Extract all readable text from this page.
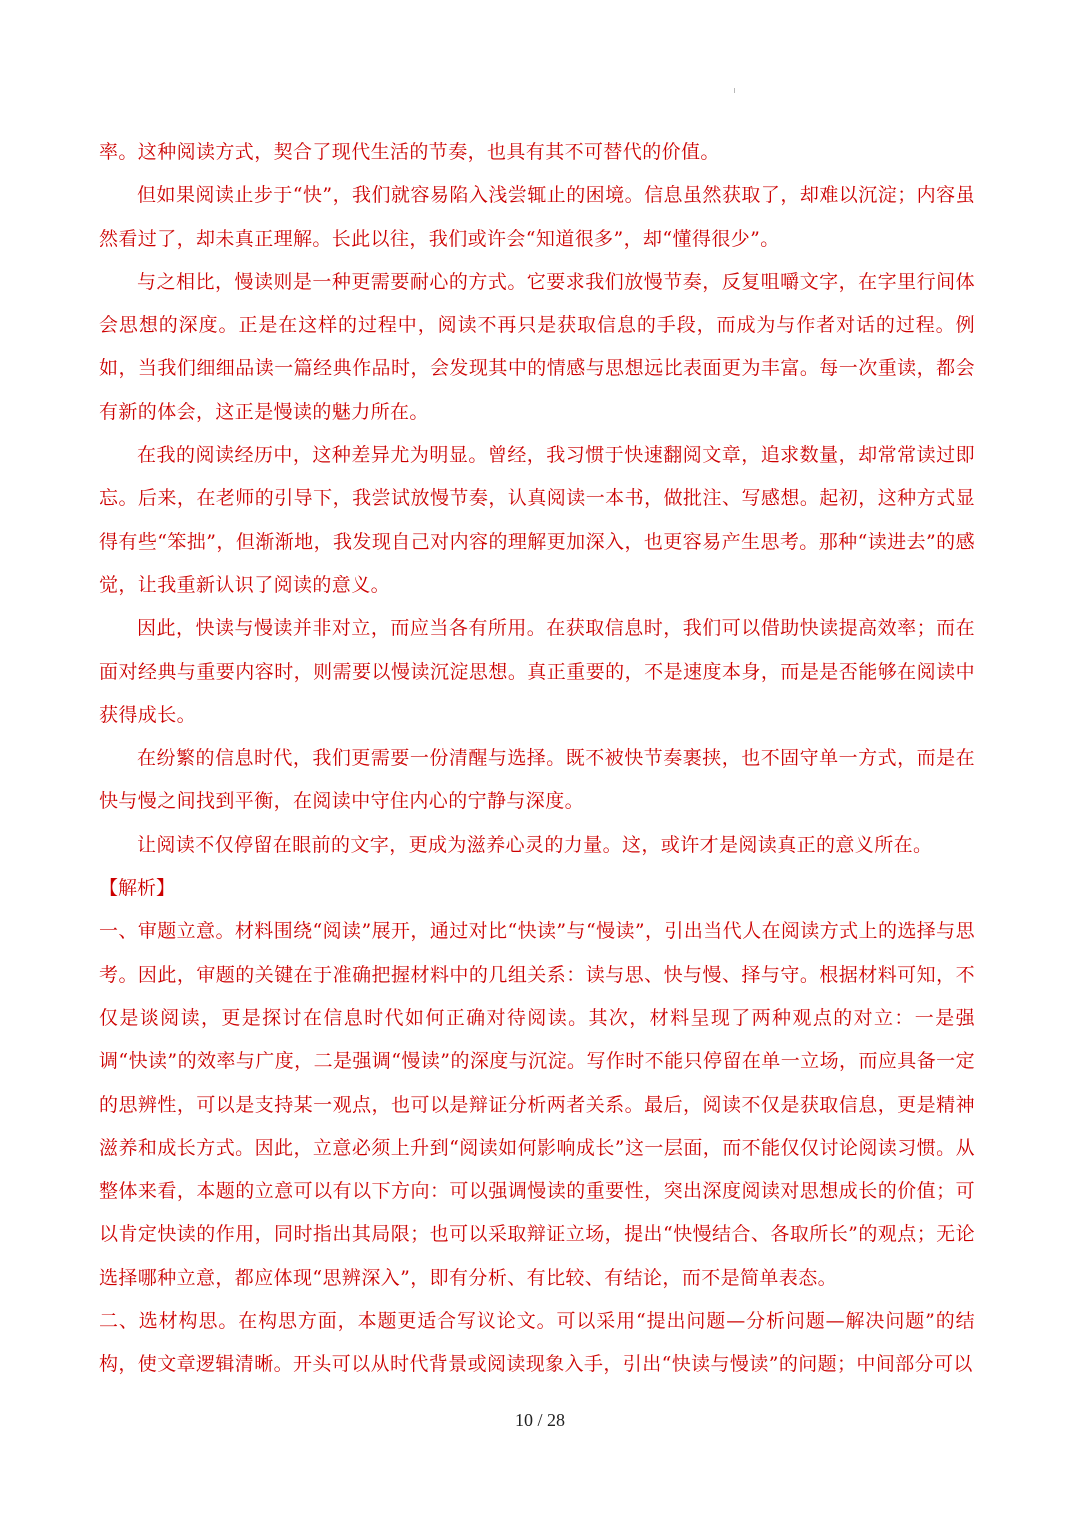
率。这种阅读方式，契合了现代生活的节奏，也具有其不可替代的价值。

但如果阅读止步于“快”，我们就容易陷入浅尝辄止的困境。信息虽然获取了，却难以沉淀；内容虽然看过了，却未真正理解。长此以往，我们或许会“知道很多”，却“懂得很少”。

与之相比，慢读则是一种更需要耐心的方式。它要求我们放慢节奏，反复咀嚼文字，在字里行间体会思想的深度。正是在这样的过程中，阅读不再只是获取信息的手段，而成为与作者对话的过程。例如，当我们细细品读一篇经典作品时，会发现其中的情感与思想远比表面更为丰富。每一次重读，都会有新的体会，这正是慢读的魅力所在。

在我的阅读经历中，这种差异尤为明显。曾经，我习惯于快速翻阅文章，追求数量，却常常读过即忘。后来，在老师的引导下，我尝试放慢节奏，认真阅读一本书，做批注、写感想。起初，这种方式显得有些“笨拙”，但渐渐地，我发现自己对内容的理解更加深入，也更容易产生思考。那种“读进去”的感觉，让我重新认识了阅读的意义。

因此，快读与慢读并非对立，而应当各有所用。在获取信息时，我们可以借助快读提高效率；而在面对经典与重要内容时，则需要以慢读沉淀思想。真正重要的，不是速度本身，而是是否能够在阅读中获得成长。

在纷繁的信息时代，我们更需要一份清醒与选择。既不被快节奏裹挟，也不固守单一方式，而是在快与慢之间找到平衡，在阅读中守住内心的宁静与深度。

让阅读不仅停留在眼前的文字，更成为滋养心灵的力量。这，或许才是阅读真正的意义所在。

【解析】

一、审题立意。材料围绕“阅读”展开，通过对比“快读”与“慢读”，引出当代人在阅读方式上的选择与思考。因此，审题的关键在于准确把握材料中的几组关系：读与思、快与慢、择与守。根据材料可知，不仅是谈阅读，更是探讨在信息时代如何正确对待阅读。其次，材料呈现了两种观点的对立：一是强调“快读”的效率与广度，二是强调“慢读”的深度与沉淀。写作时不能只停留在单一立场，而应具备一定的思辨性，可以是支持某一观点，也可以是辩证分析两者关系。最后，阅读不仅是获取信息，更是精神滋养和成长方式。因此，立意必须上升到“阅读如何影响成长”这一层面，而不能仅仅讨论阅读习惯。从整体来看，本题的立意可以有以下方向：可以强调慢读的重要性，突出深度阅读对思想成长的价值；可以肯定快读的作用，同时指出其局限；也可以采取辩证立场，提出“快慢结合、各取所长”的观点；无论选择哪种立意，都应体现“思辨深入”，即有分析、有比较、有结论，而不是简单表态。

二、选材构思。在构思方面，本题更适合写议论文。可以采用“提出问题—分析问题—解决问题”的结构，使文章逻辑清晰。开头可以从时代背景或阅读现象入手，引出“快读与慢读”的问题；中间部分可以

10 / 28
